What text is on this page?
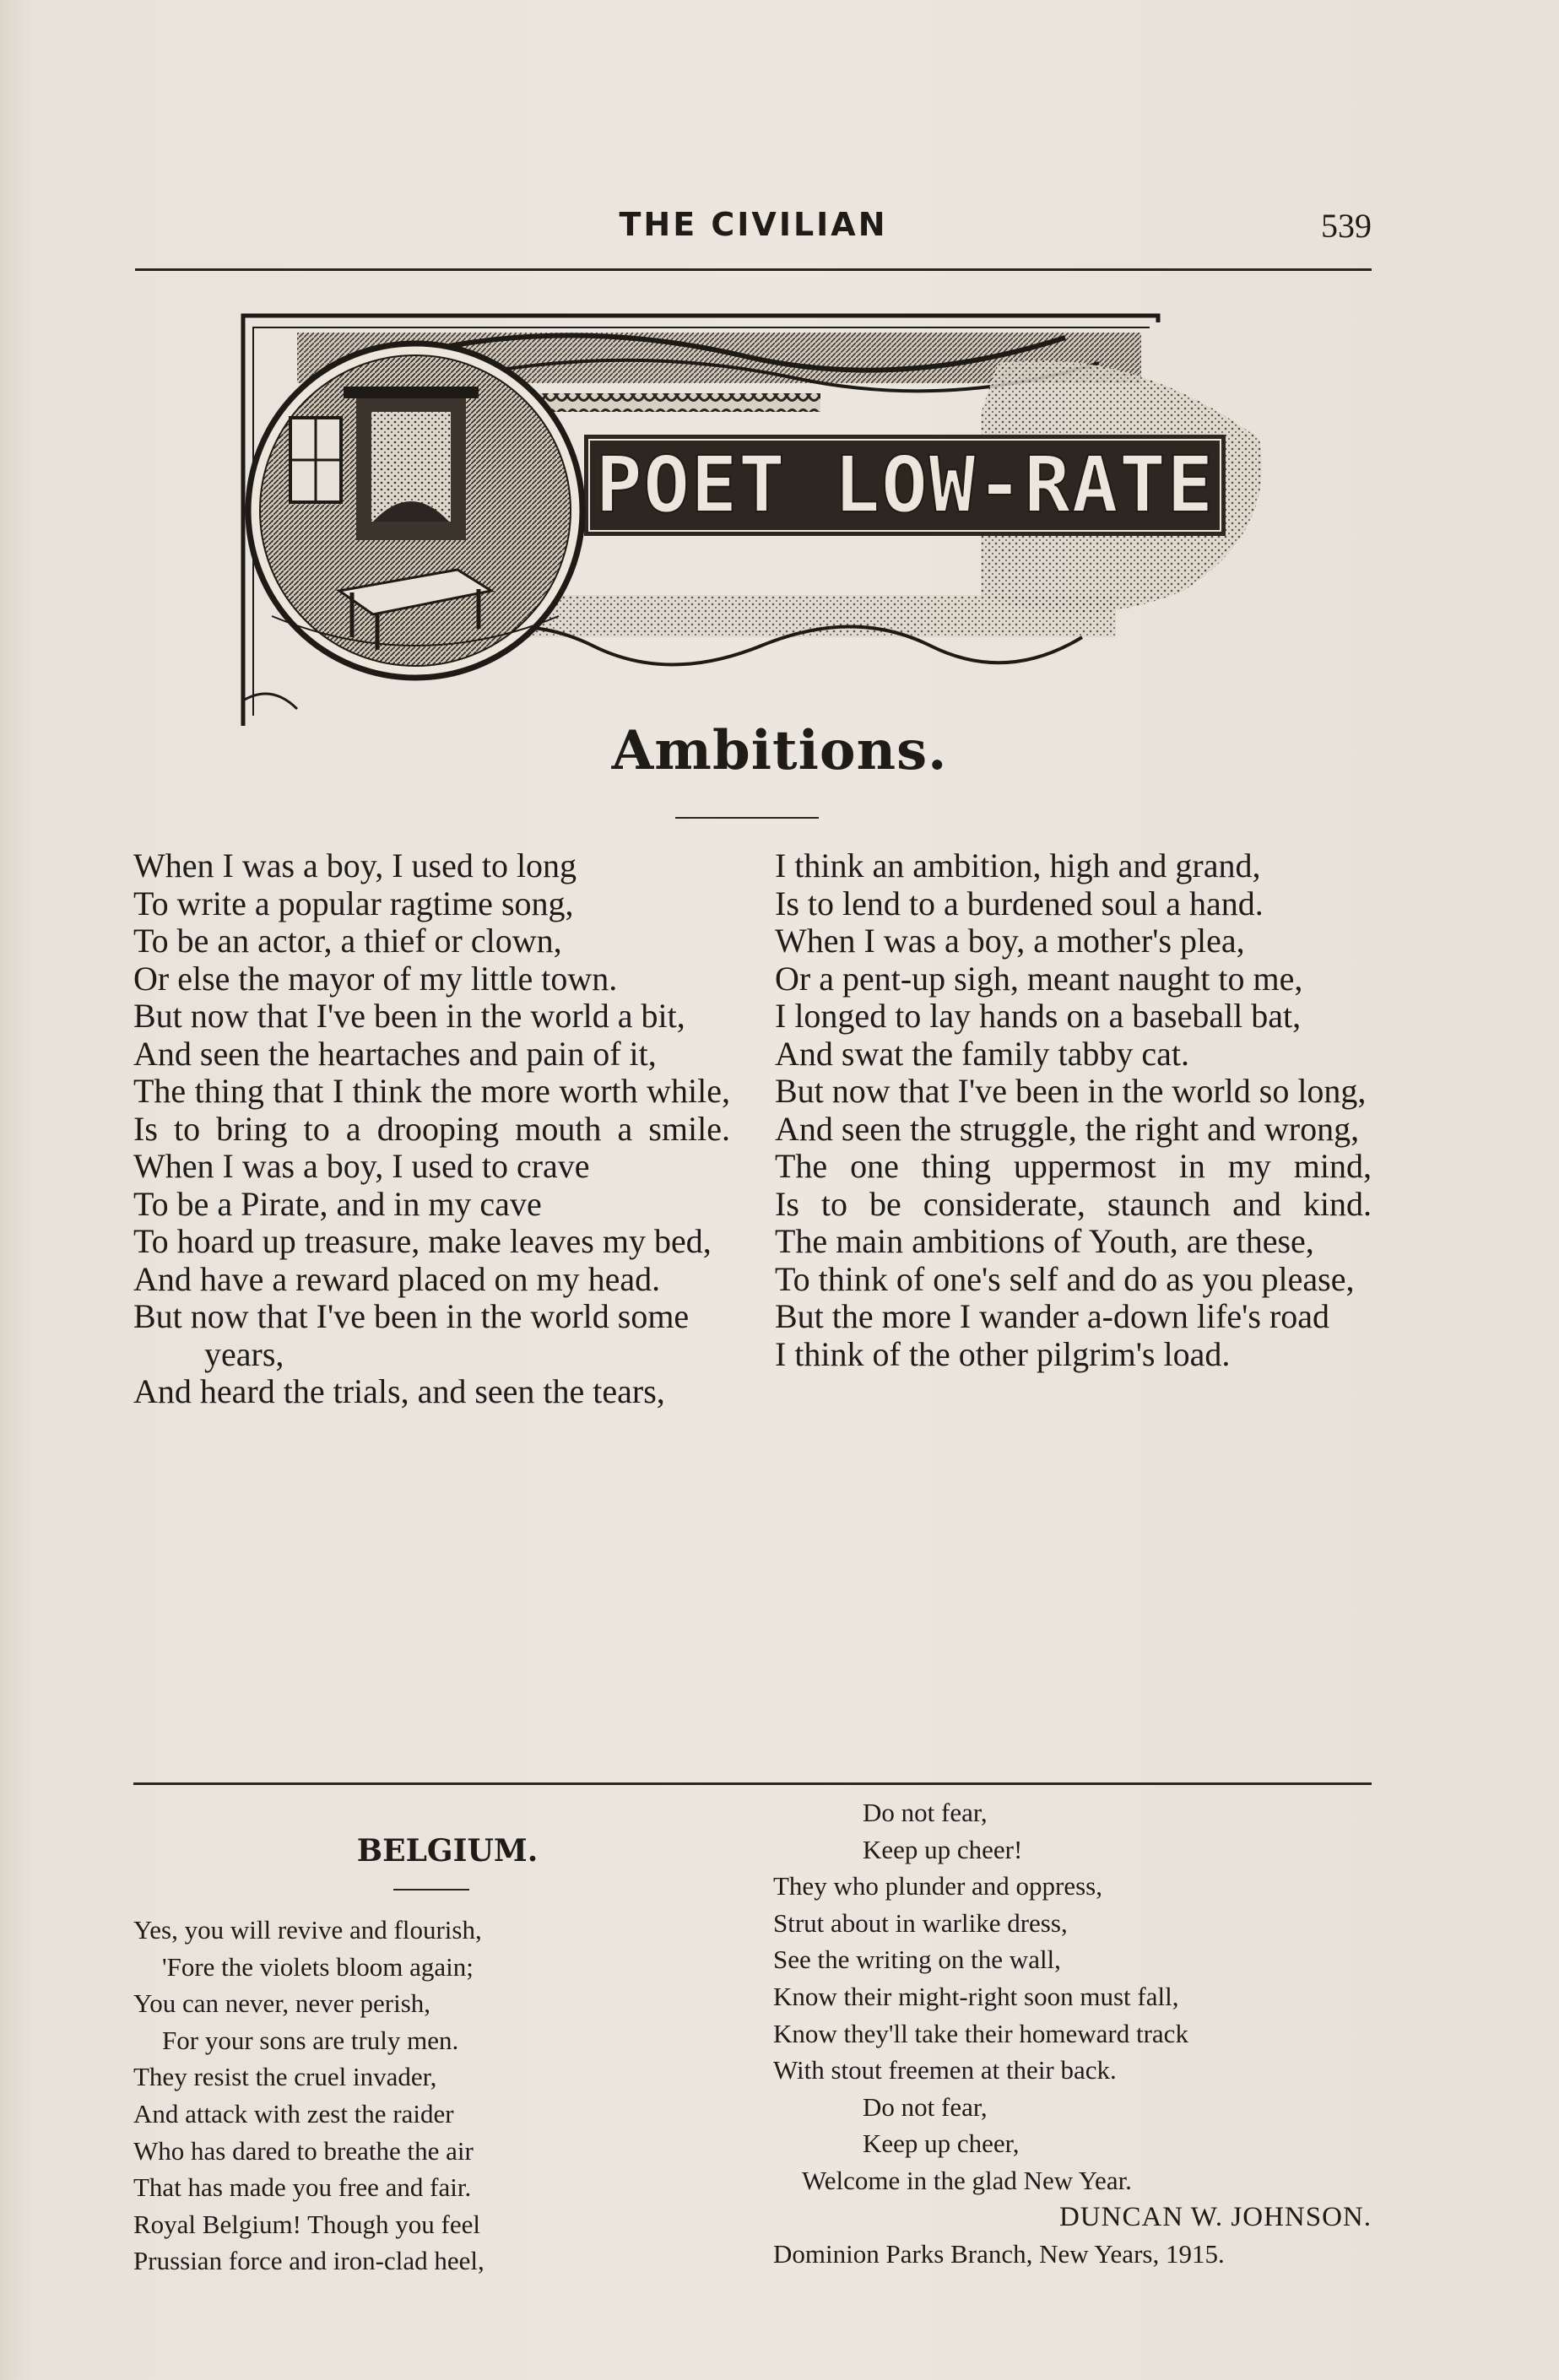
THE CIVILIAN	539
POET LOW-RATE
Ambitions.

When I was a boy, I used to long
To write a popular ragtime song,
To be an actor, a thief or clown,
Or else the mayor of my little town.

But now that I've been in the world a bit,
And seen the heartaches and pain of it,
The thing that I think the more worth while,
Is to bring to a drooping mouth a smile.

When I was a boy, I used to crave
To be a Pirate, and in my cave
To hoard up treasure, make leaves my bed,
And have a reward placed on my head.

But now that I've been in the world some years,
And heard the trials, and seen the tears,

I think an ambition, high and grand,
Is to lend to a burdened soul a hand.

When I was a boy, a mother's plea,
Or a pent-up sigh, meant naught to me,
I longed to lay hands on a baseball bat,
And swat the family tabby cat.

But now that I've been in the world so long,
And seen the struggle, the right and wrong,
The one thing uppermost in my mind,
Is to be considerate, staunch and kind.

The main ambitions of Youth, are these,
To think of one's self and do as you please,
But the more I wander a-down life's road
I think of the other pilgrim's load.

BELGIUM.
Yes, you will revive and flourish,
'Fore the violets bloom again;
You can never, never perish,
For your sons are truly men.
They resist the cruel invader,
And attack with zest the raider
Who has dared to breathe the air
That has made you free and fair.
Royal Belgium! Though you feel
Prussian force and iron-clad heel,
Do not fear,
Keep up cheer!
They who plunder and oppress,
Strut about in warlike dress,
See the writing on the wall,
Know their might-right soon must fall,
Know they'll take their homeward track
With stout freemen at their back.
Do not fear,
Keep up cheer,
Welcome in the glad New Year.
DUNCAN W. JOHNSON.
Dominion Parks Branch, New Years, 1915.
